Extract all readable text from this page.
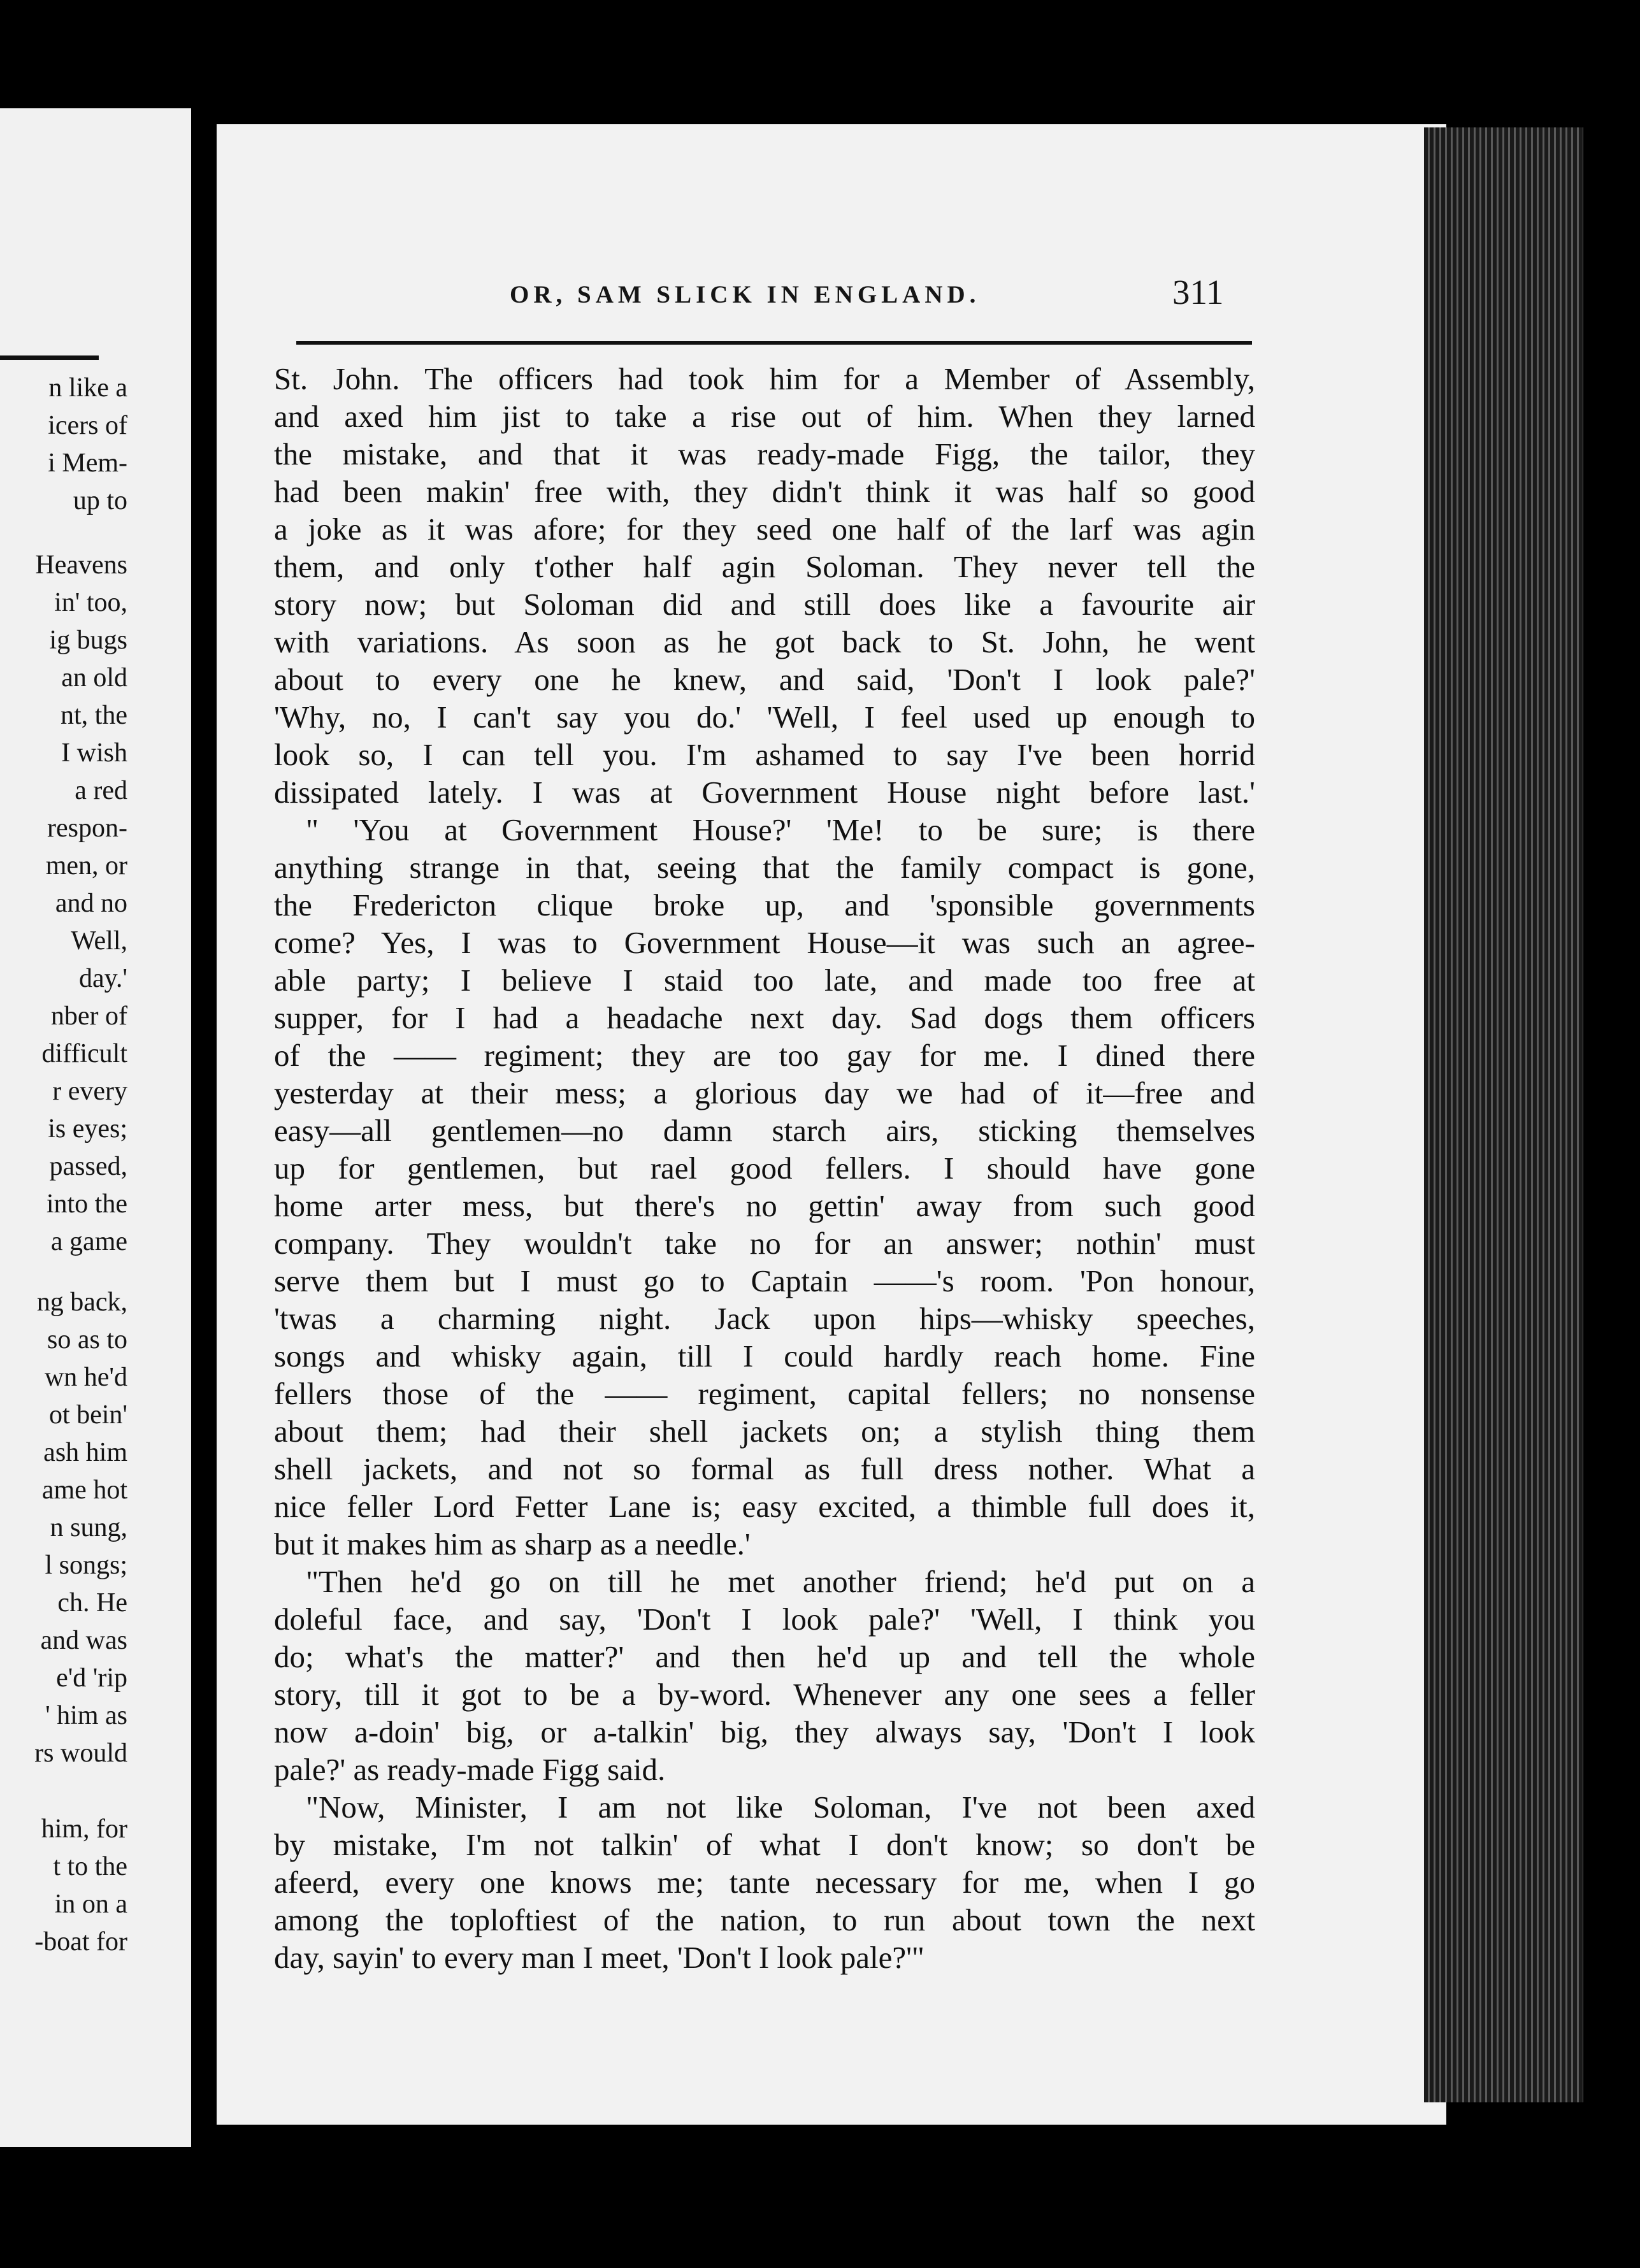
n like a
icers of
i Mem-
up to
Heavens
in' too,
ig bugs
an old
nt, the
I wish
a red
respon-
men, or
and no
Well,
day.'
nber of
difficult
r every
is eyes;
passed,
into the
a game
ng back,
so as to
wn he'd
ot bein'
ash him
ame hot
n sung,
l songs;
ch. He
and was
e'd 'rip
' him as
rs would
him, for
t to the
in on a
-boat for
OR, SAM SLICK IN ENGLAND.	311
St. John. The officers had took him for a Member of Assembly,
and axed him jist to take a rise out of him. When they larned
the mistake, and that it was ready-made Figg, the tailor, they
had been makin' free with, they didn't think it was half so good
a joke as it was afore; for they seed one half of the larf was agin
them, and only t'other half agin Soloman. They never tell the
story now; but Soloman did and still does like a favourite air
with variations. As soon as he got back to St. John, he went
about to every one he knew, and said, 'Don't I look pale?'
'Why, no, I can't say you do.' 'Well, I feel used up enough to
look so, I can tell you. I'm ashamed to say I've been horrid
dissipated lately. I was at Government House night before last.'
" 'You at Government House?' 'Me! to be sure; is there
anything strange in that, seeing that the family compact is gone,
the Fredericton clique broke up, and 'sponsible governments
come? Yes, I was to Government House—it was such an agree-
able party; I believe I staid too late, and made too free at
supper, for I had a headache next day. Sad dogs them officers
of the —— regiment; they are too gay for me. I dined there
yesterday at their mess; a glorious day we had of it—free and
easy—all gentlemen—no damn starch airs, sticking themselves
up for gentlemen, but rael good fellers. I should have gone
home arter mess, but there's no gettin' away from such good
company. They wouldn't take no for an answer; nothin' must
serve them but I must go to Captain ——'s room. 'Pon honour,
'twas a charming night. Jack upon hips—whisky speeches,
songs and whisky again, till I could hardly reach home. Fine
fellers those of the —— regiment, capital fellers; no nonsense
about them; had their shell jackets on; a stylish thing them
shell jackets, and not so formal as full dress nother. What a
nice feller Lord Fetter Lane is; easy excited, a thimble full does it,
but it makes him as sharp as a needle.'
"Then he'd go on till he met another friend; he'd put on a
doleful face, and say, 'Don't I look pale?' 'Well, I think you
do; what's the matter?' and then he'd up and tell the whole
story, till it got to be a by-word. Whenever any one sees a feller
now a-doin' big, or a-talkin' big, they always say, 'Don't I look
pale?' as ready-made Figg said.
"Now, Minister, I am not like Soloman, I've not been axed
by mistake, I'm not talkin' of what I don't know; so don't be
afeerd, every one knows me; tante necessary for me, when I go
among the toploftiest of the nation, to run about town the next
day, sayin' to every man I meet, 'Don't I look pale?'"
